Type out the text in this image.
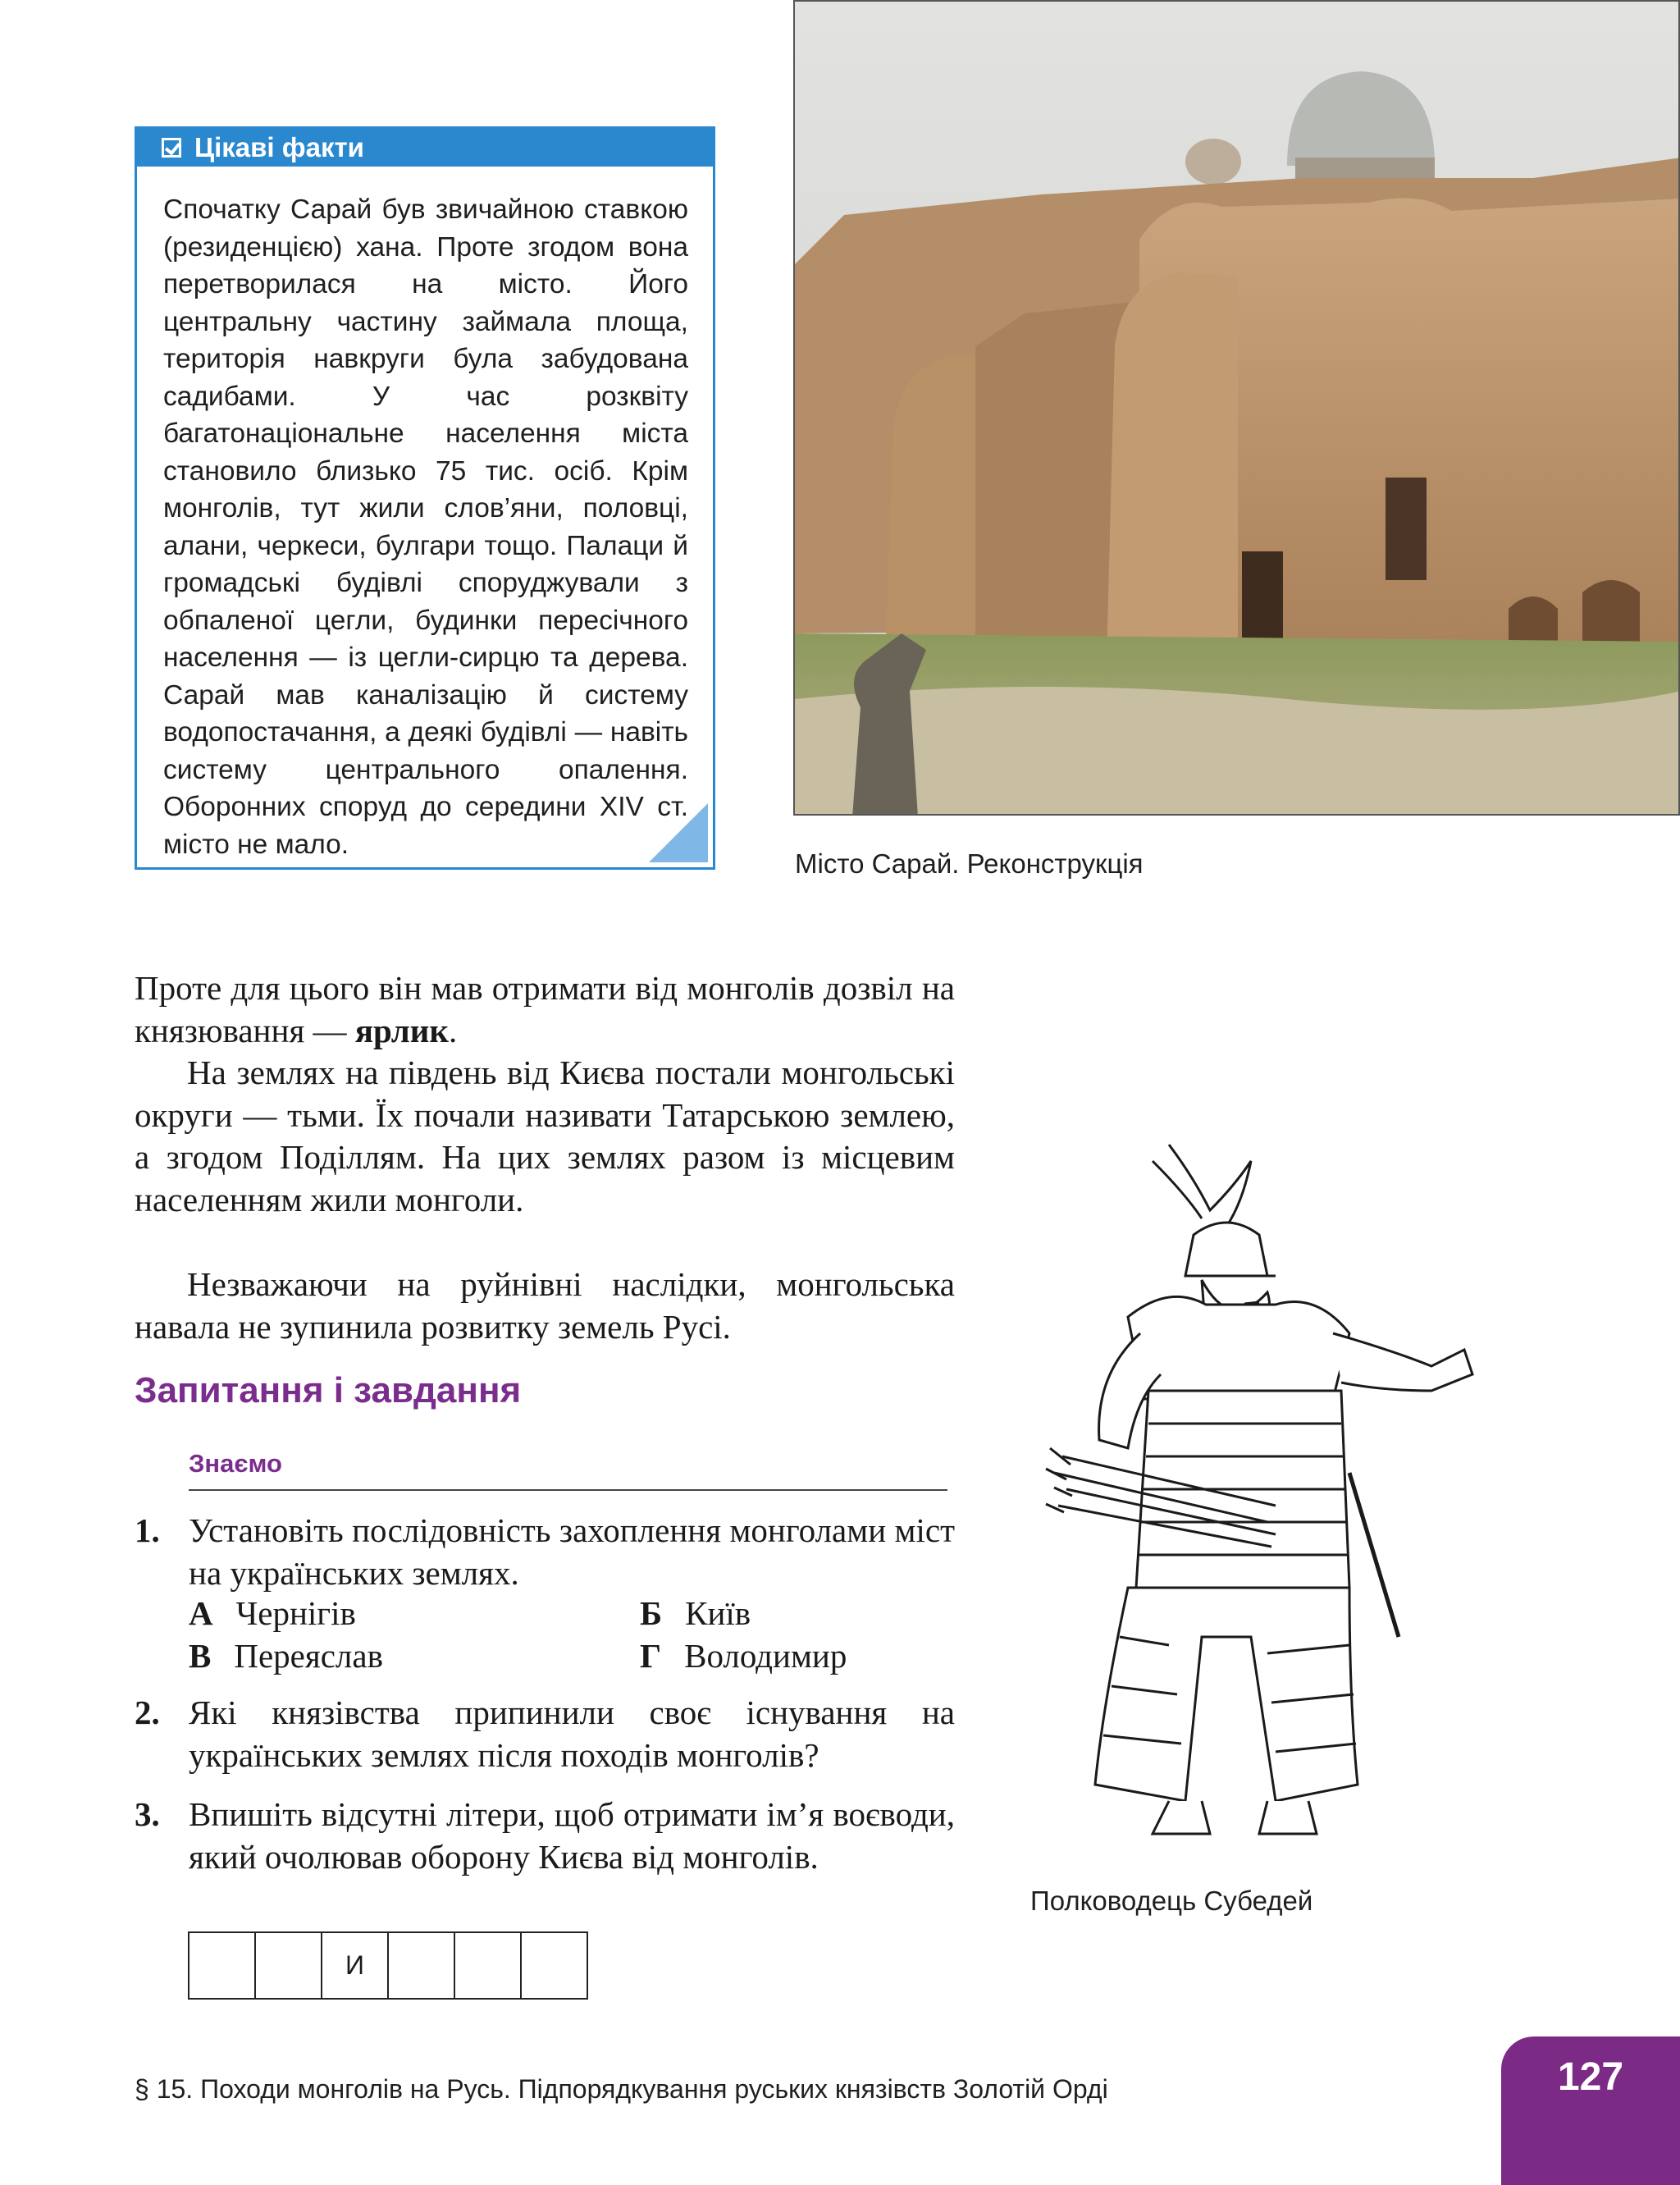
Цікаві факти
Спочатку Сарай був звичайною ставкою (резиденцією) хана. Проте згодом вона перетворилася на місто. Його центральну частину займала площа, територія навкруги була забудована садибами. У час розквіту багатонаціональне населення міста становило близько 75 тис. осіб. Крім монголів, тут жили слов’яни, половці, алани, черкеси, булгари тощо. Палаци й громадські будівлі споруджували з обпаленої цегли, будинки пересічного населення — із цегли-сирцю та дерева. Сарай мав каналізацію й систему водопостачання, а деякі будівлі — навіть систему центрального опалення. Оборонних споруд до середини XIV ст. місто не мало.
Місто Сарай. Реконструкція
Проте для цього він мав отримати від монголів дозвіл на князювання — ярлик.
На землях на південь від Києва постали монгольські округи — тьми. Їх почали називати Татарською землею, а згодом Поділлям. На цих землях разом із місцевим населенням жили монголи.
Незважаючи на руйнівні наслідки, монгольська навала не зупинила розвитку земель Русі.
Запитання і завдання
Знаємо
1. Установіть послідовність захоплення монголами міст на українських землях.
А Чернігів	Б Київ
В Переяслав	Г Володимир
2. Які князівства припинили своє існування на українських землях після походів монголів?
3. Впишіть відсутні літери, щоб отримати ім’я воєводи, який очолював оборону Києва від монголів.
И
Полководець Субедей
§ 15. Походи монголів на Русь. Підпорядкування руських князівств Золотій Орді	127
